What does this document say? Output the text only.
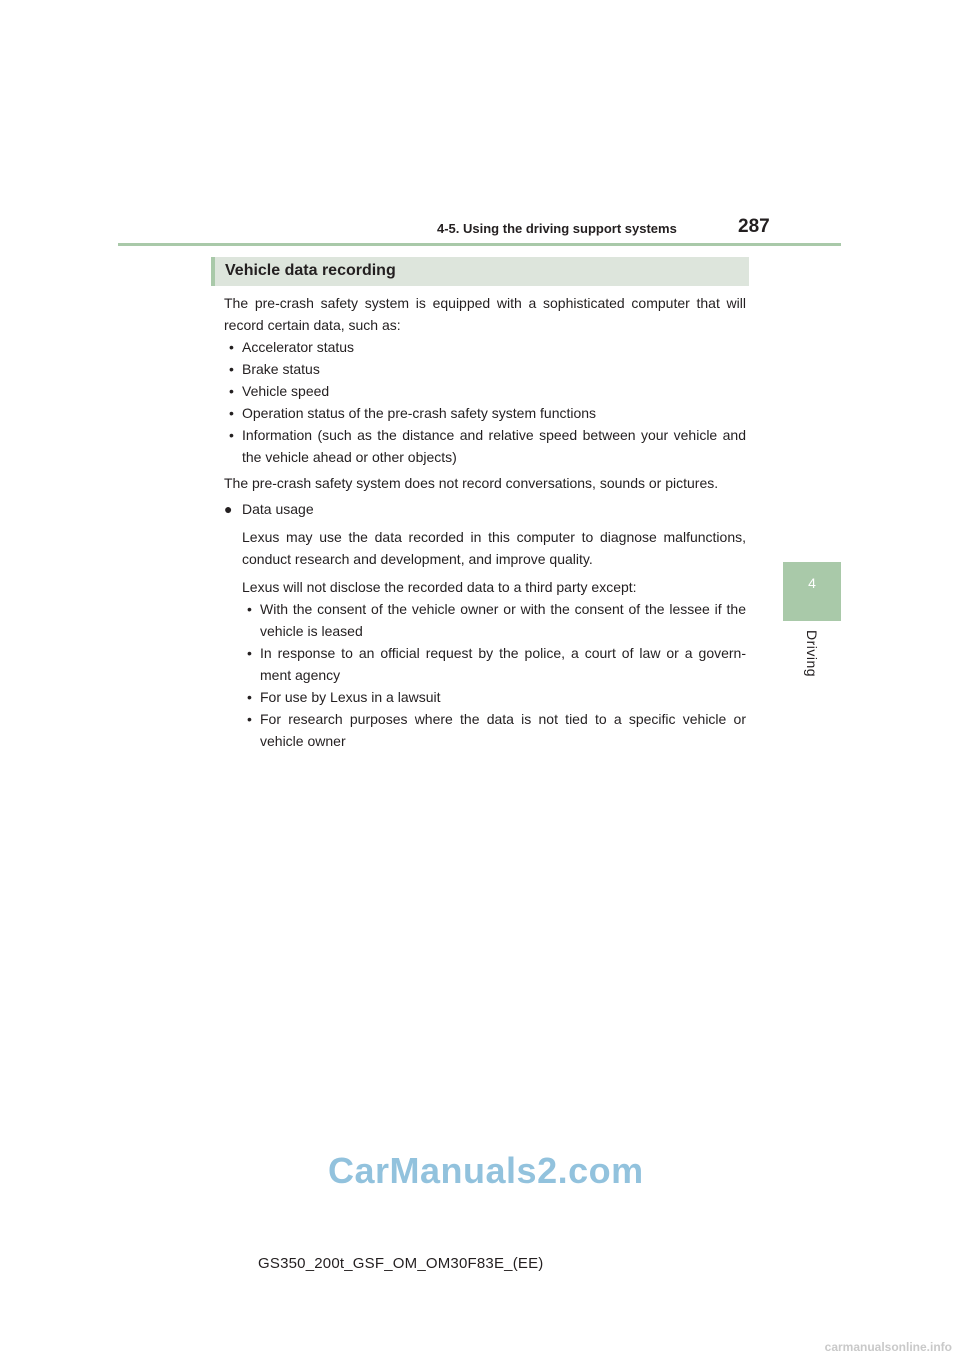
4-5. Using the driving support systems	287
4
Driving
Vehicle data recording

The pre-crash safety system is equipped with a sophisticated computer that will record certain data, such as:

• Accelerator status
• Brake status
• Vehicle speed
• Operation status of the pre-crash safety system functions
• Information (such as the distance and relative speed between your vehicle and the vehicle ahead or other objects)

The pre-crash safety system does not record conversations, sounds or pictures.

● Data usage

Lexus may use the data recorded in this computer to diagnose malfunctions, conduct research and development, and improve quality.

Lexus will not disclose the recorded data to a third party except:

• With the consent of the vehicle owner or with the consent of the lessee if the vehicle is leased
• In response to an official request by the police, a court of law or a govern-ment agency
• For use by Lexus in a lawsuit
• For research purposes where the data is not tied to a specific vehicle or vehicle owner
CarManuals2.com
GS350_200t_GSF_OM_OM30F83E_(EE)
carmanualsonline.info
